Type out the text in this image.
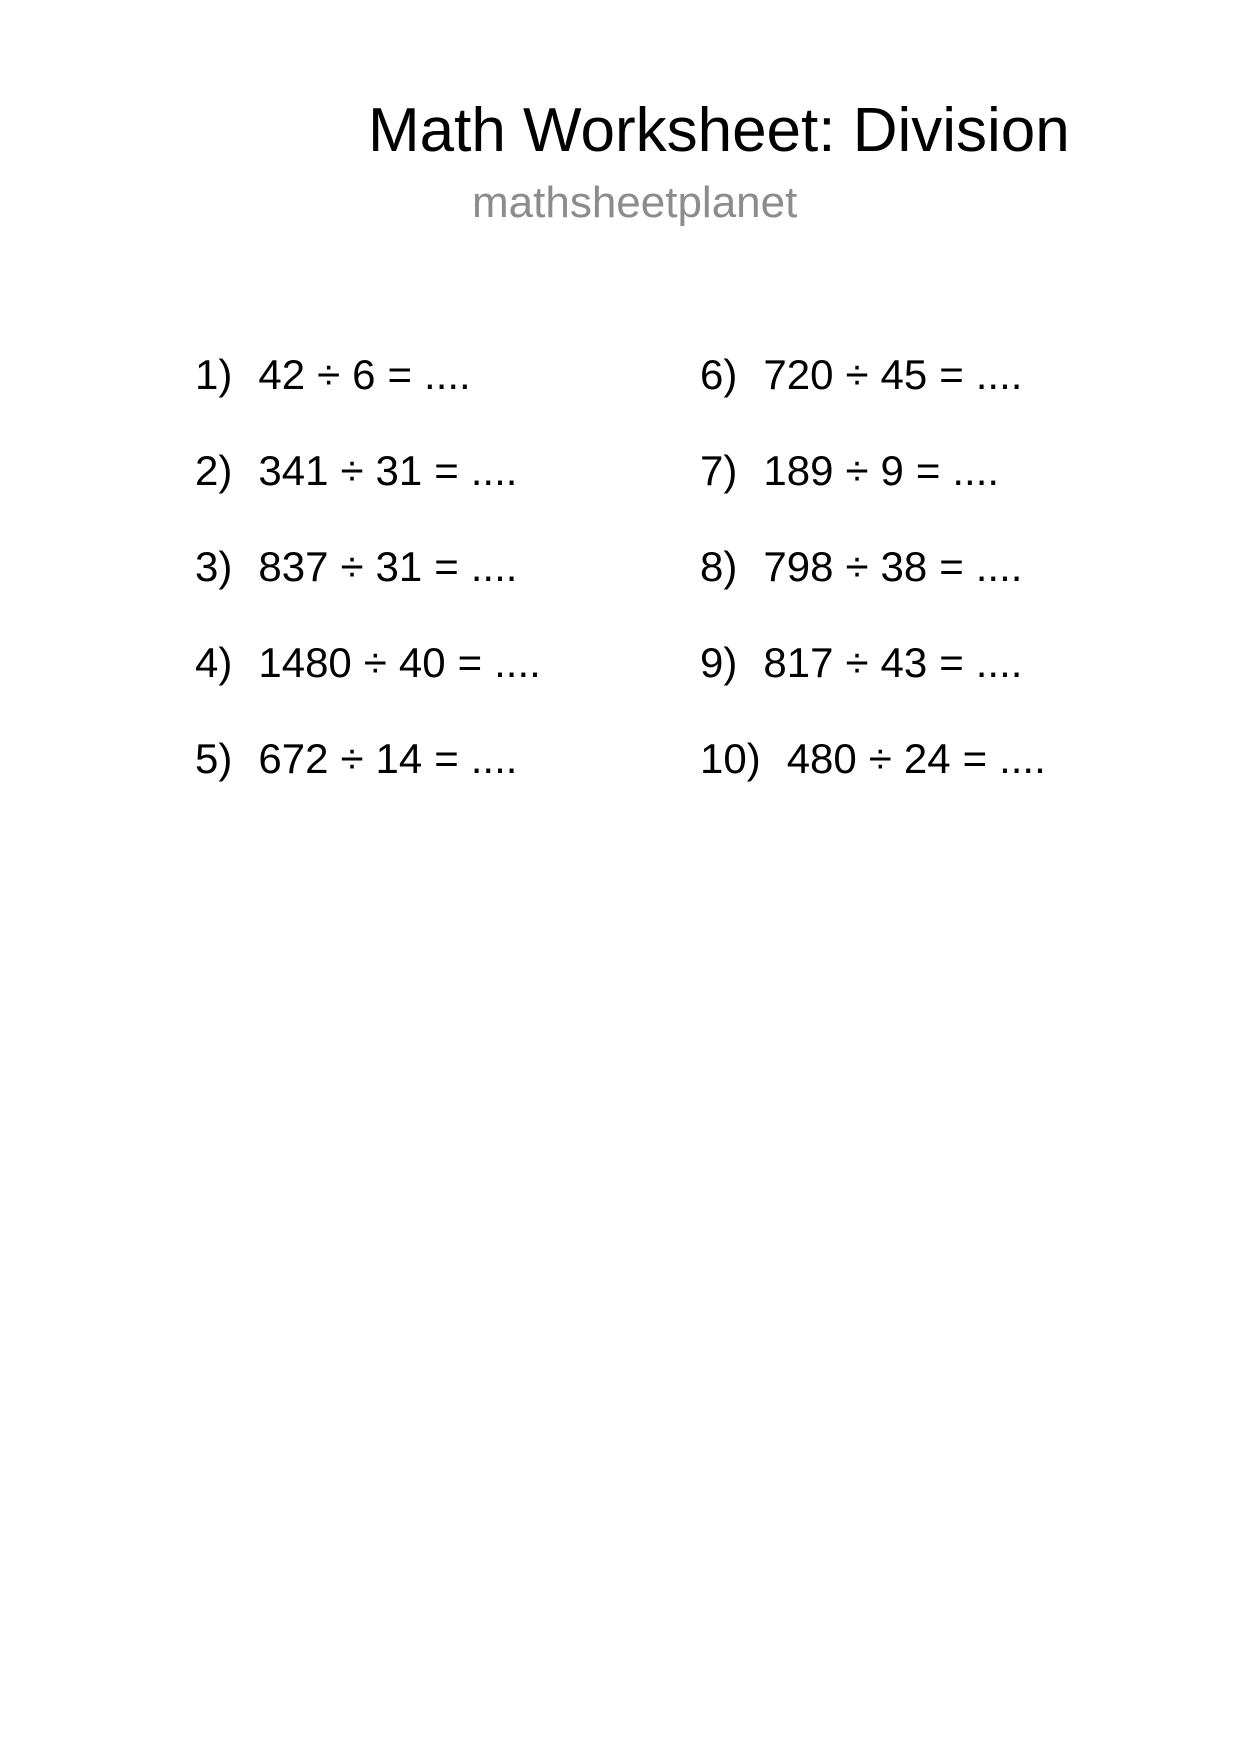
Math Worksheet: Division
mathsheetplanet
1) 42 ÷ 6 = ....
2) 341 ÷ 31 = ....
3) 837 ÷ 31 = ....
4) 1480 ÷ 40 = ....
5) 672 ÷ 14 = ....
6) 720 ÷ 45 = ....
7) 189 ÷ 9 = ....
8) 798 ÷ 38 = ....
9) 817 ÷ 43 = ....
10) 480 ÷ 24 = ....
